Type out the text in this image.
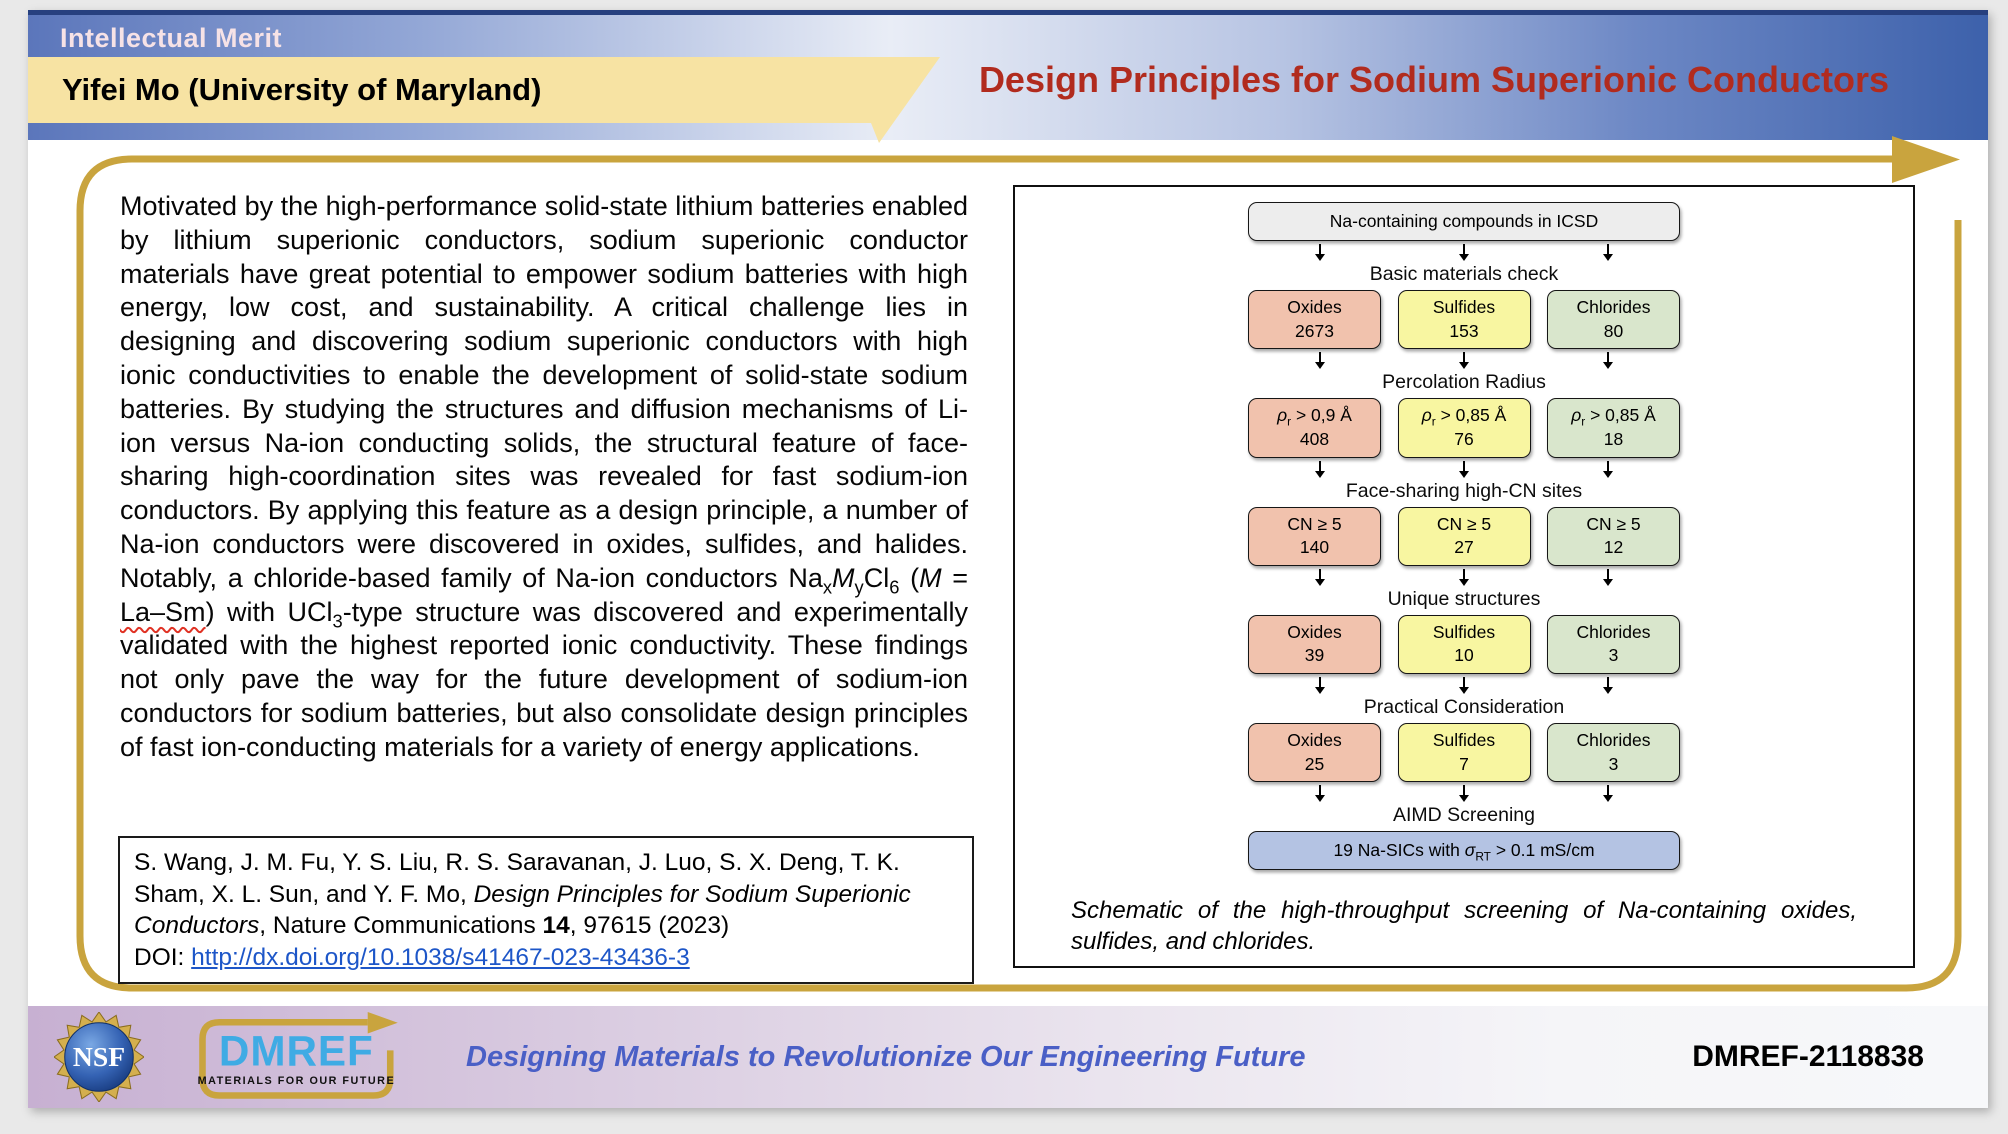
Intellectual Merit
Yifei Mo (University of Maryland)	Design Principles for Sodium Superionic Conductors
Motivated by the high-performance solid-state lithium batteries enabled by lithium superionic conductors, sodium superionic conductor materials have great potential to empower sodium batteries with high energy, low cost, and sustainability. A critical challenge lies in designing and discovering sodium superionic conductors with high ionic conductivities to enable the development of solid-state sodium batteries. By studying the structures and diffusion mechanisms of Li-ion versus Na-ion conducting solids, the structural feature of face-sharing high-coordination sites was revealed for fast sodium-ion conductors. By applying this feature as a design principle, a number of Na-ion conductors were discovered in oxides, sulfides, and halides. Notably, a chloride-based family of Na-ion conductors $Na_xM_yCl_6$ (M = La–Sm) with UCl$_3$-type structure was discovered and experimentally validated with the highest reported ionic conductivity. These findings not only pave the way for the future development of sodium-ion conductors for sodium batteries, but also consolidate design principles of fast ion-conducting materials for a variety of energy applications.
S. Wang, J. M. Fu, Y. S. Liu, R. S. Saravanan, J. Luo, S. X. Deng, T. K. Sham, X. L. Sun, and Y. F. Mo, Design Principles for Sodium Superionic Conductors, Nature Communications 14, 97615 (2023)
DOI: http://dx.doi.org/10.1038/s41467-023-43436-3
Na-containing compounds in ICSD
Basic materials check
Oxides
2673
Sulfides
153
Chlorides
80
Percolation Radius
$\rho_r > 0,9$ Å
408
$\rho_r > 0,85$ Å
76
$\rho_r > 0,85$ Å
18
Face-sharing high-CN sites
CN ≥ 5
140
CN ≥ 5
27
CN ≥ 5
12
Unique structures
Oxides
39
Sulfides
10
Chlorides
3
Practical Consideration
Oxides
25
Sulfides
7
Chlorides
3
AIMD Screening
19 Na-SICs with $\sigma_{RT} > 0.1$ mS/cm
Schematic of the high-throughput screening of Na-containing oxides, sulfides, and chlorides.
NSF DMREF
MATERIALS FOR OUR FUTURE
Designing Materials to Revolutionize Our Engineering Future	DMREF-2118838
